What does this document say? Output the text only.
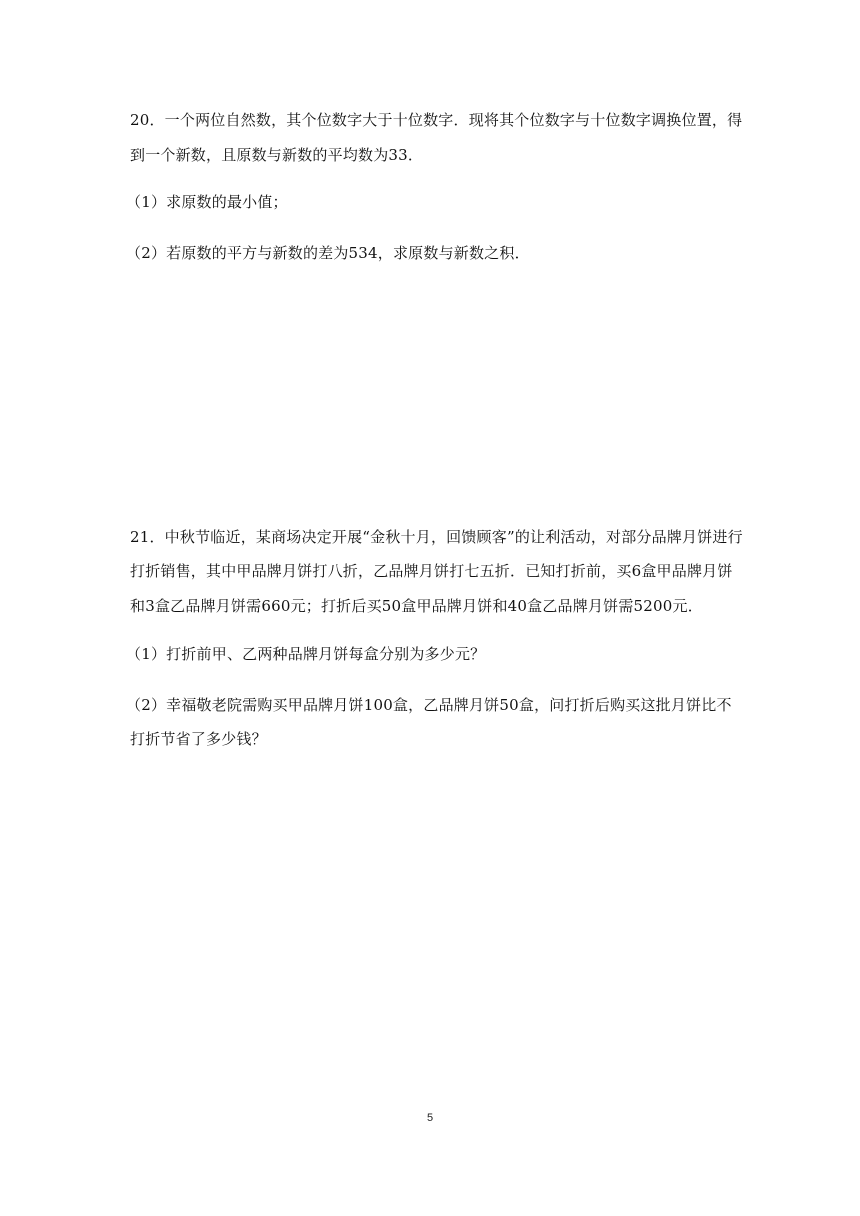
20．一个两位自然数，其个位数字大于十位数字．现将其个位数字与十位数字调换位置，得
到一个新数，且原数与新数的平均数为33．
（1）求原数的最小值；
（2）若原数的平方与新数的差为534，求原数与新数之积．
21．中秋节临近，某商场决定开展“金秋十月，回馈顾客”的让利活动，对部分品牌月饼进行
打折销售，其中甲品牌月饼打八折，乙品牌月饼打七五折．已知打折前，买6盒甲品牌月饼
和3盒乙品牌月饼需660元；打折后买50盒甲品牌月饼和40盒乙品牌月饼需5200元．
（1）打折前甲、乙两种品牌月饼每盒分别为多少元？
（2）幸福敬老院需购买甲品牌月饼100盒，乙品牌月饼50盒，问打折后购买这批月饼比不
打折节省了多少钱？
5
